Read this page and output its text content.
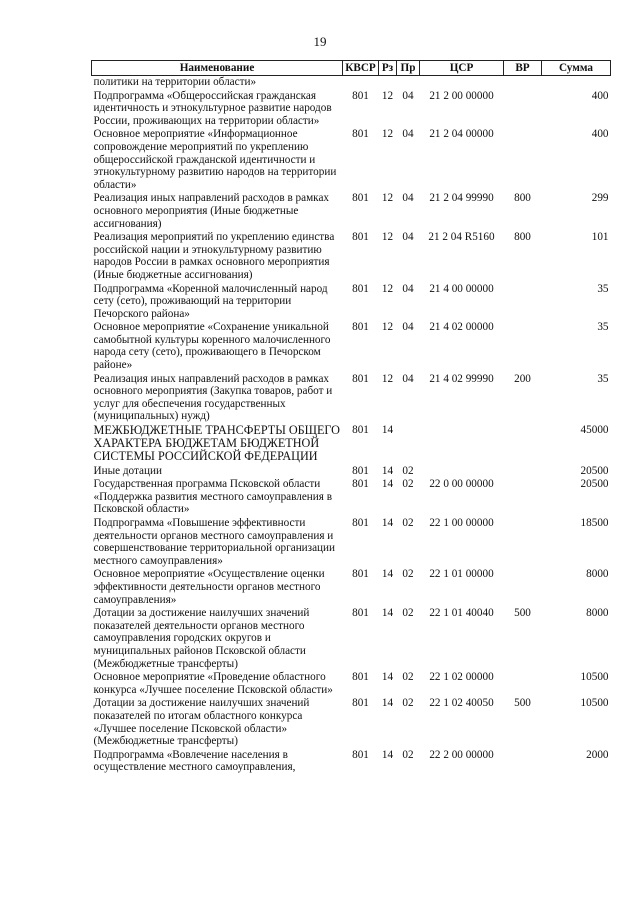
19
Наименование	КВСР	Рз	Пр	ЦСР	ВР	Сумма
политики на территории области»						
Подпрограмма «Общероссийская гражданская идентичность и этнокультурное развитие народов России, проживающих на территории области»	801	12	04	21 2 00 00000		400
Основное мероприятие «Информационное сопровождение мероприятий по укреплению общероссийской гражданской идентичности и этнокультурному развитию народов на территории области»	801	12	04	21 2 04 00000		400
Реализация иных направлений расходов в рамках основного мероприятия (Иные бюджетные ассигнования)	801	12	04	21 2 04 99990	800	299
Реализация мероприятий по укреплению единства российской нации и этнокультурному развитию народов России в рамках основного мероприятия (Иные бюджетные ассигнования)	801	12	04	21 2 04 R5160	800	101
Подпрограмма «Коренной малочисленный народ сету (сето), проживающий на территории Печорского района»	801	12	04	21 4 00 00000		35
Основное мероприятие «Сохранение уникальной самобытной культуры коренного малочисленного народа сету (сето), проживающего в Печорском районе»	801	12	04	21 4 02 00000		35
Реализация иных направлений расходов в рамках основного мероприятия (Закупка товаров, работ и услуг для обеспечения государственных (муниципальных) нужд)	801	12	04	21 4 02 99990	200	35
МЕЖБЮДЖЕТНЫЕ ТРАНСФЕРТЫ ОБЩЕГО ХАРАКТЕРА БЮДЖЕТАМ БЮДЖЕТНОЙ СИСТЕМЫ РОССИЙСКОЙ ФЕДЕРАЦИИ	801	14				45000
Иные дотации	801	14	02			20500
Государственная программа Псковской области «Поддержка развития местного самоуправления в Псковской области»	801	14	02	22 0 00 00000		20500
Подпрограмма «Повышение эффективности деятельности органов местного самоуправления и совершенствование территориальной организации местного самоуправления»	801	14	02	22 1 00 00000		18500
Основное мероприятие «Осуществление оценки эффективности деятельности органов местного самоуправления»	801	14	02	22 1 01 00000		8000
Дотации за достижение наилучших значений показателей деятельности органов местного самоуправления городских округов и муниципальных районов Псковской области (Межбюджетные трансферты)	801	14	02	22 1 01 40040	500	8000
Основное мероприятие «Проведение областного конкурса «Лучшее поселение Псковской области»	801	14	02	22 1 02 00000		10500
Дотации за достижение наилучших значений показателей по итогам областного конкурса «Лучшее поселение Псковской области» (Межбюджетные трансферты)	801	14	02	22 1 02 40050	500	10500
Подпрограмма «Вовлечение населения в осуществление местного самоуправления,	801	14	02	22 2 00 00000		2000
